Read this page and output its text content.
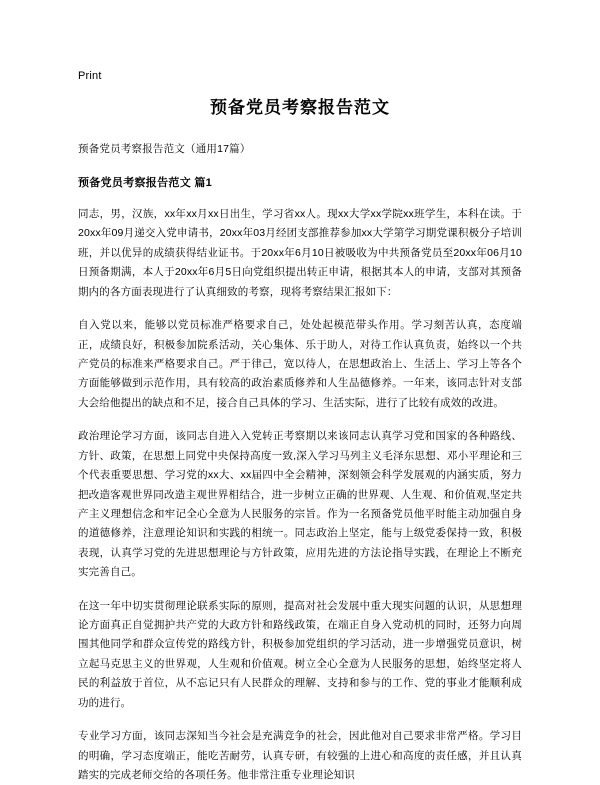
Print
预备党员考察报告范文
预备党员考察报告范文（通用17篇）
预备党员考察报告范文 篇1

同志，男，汉族，xx年xx月xx日出生，学习省xx人。现xx大学xx学院xx班学生，本科在读。于20xx年09月递交入党申请书，20xx年03月经团支部推荐参加xx大学第学习期党课积极分子培训班，并以优异的成绩获得结业证书。于20xx年6月10日被吸收为中共预备党员至20xx年06月10日预备期满，本人于20xx年6月5日向党组织提出转正申请，根据其本人的申请，支部对其预备期内的各方面表现进行了认真细致的考察，现将考察结果汇报如下：

自入党以来，能够以党员标准严格要求自己，处处起模范带头作用。学习刻苦认真，态度端正，成绩良好，积极参加院系活动，关心集体、乐于助人，对待工作认真负责，始终以一个共产党员的标准来严格要求自己。严于律己，宽以待人，在思想政治上、生活上、学习上等各个方面能够做到示范作用，具有较高的政治素质修养和人生品德修养。一年来，该同志针对支部大会给他提出的缺点和不足，接合自己具体的学习、生活实际，进行了比较有成效的改进。

政治理论学习方面，该同志自进入入党转正考察期以来该同志认真学习党和国家的各种路线、方针、政策，在思想上同党中央保持高度一致,深入学习马列主义毛泽东思想、邓小平理论和三个代表重要思想、学习党的xx大、xx届四中全会精神，深刻领会科学发展观的内涵实质，努力把改造客观世界同改造主观世界相结合，进一步树立正确的世界观、人生观、和价值观,坚定共产主义理想信念和牢记全心全意为人民服务的宗旨。作为一名预备党员他平时能主动加强自身的道德修养，注意理论知识和实践的相统一。同志政治上坚定，能与上级党委保持一致，积极表现，认真学习党的先进思想理论与方针政策，应用先进的方法论指导实践，在理论上不断充实完善自己。

在这一年中切实贯彻理论联系实际的原则，提高对社会发展中重大现实问题的认识，从思想理论方面真正自觉拥护共产党的大政方针和路线政策，在端正自身入党动机的同时，还努力向周围其他同学和群众宣传党的路线方针，积极参加党组织的学习活动，进一步增强党员意识，树立起马克思主义的世界观，人生观和价值观。树立全心全意为人民服务的思想，始终坚定将人民的利益放于首位，从不忘记只有人民群众的理解、支持和参与的工作、党的事业才能顺利成功的进行。

专业学习方面，该同志深知当今社会是充满竞争的社会，因此他对自己要求非常严格。学习目的明确，学习态度端正，能吃苦耐劳，认真专研，有较强的上进心和高度的责任感，并且认真踏实的完成老师交给的各项任务。他非常注重专业理论知识
